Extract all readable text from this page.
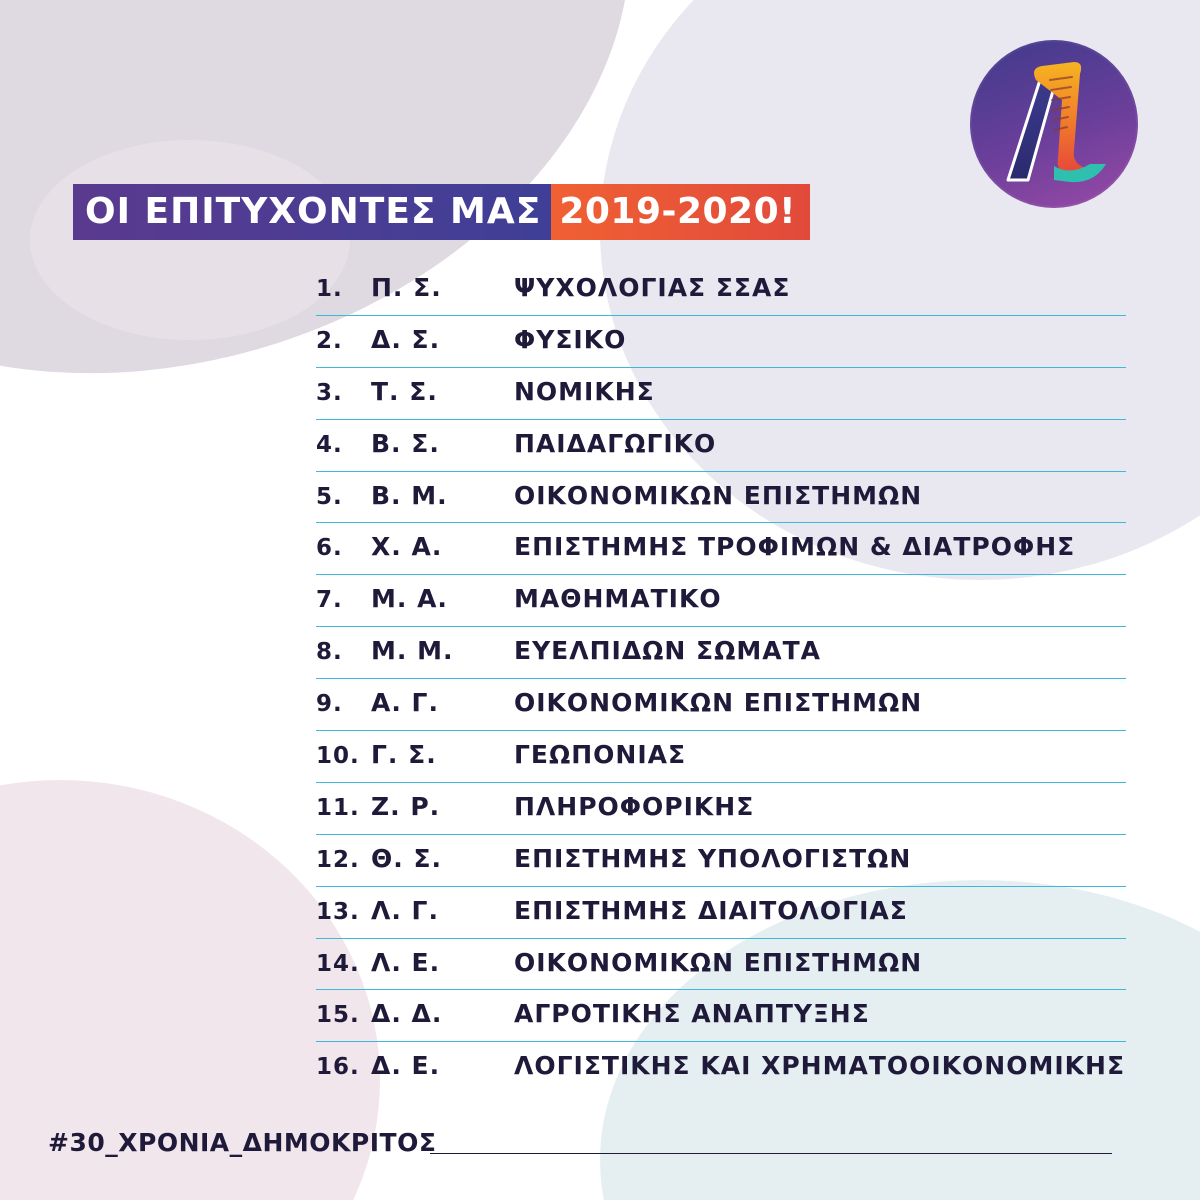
ΟΙ ΕΠΙΤΥΧΟΝΤΕΣ ΜΑΣ 2019-2020!
1. Π. Σ.	ΨΥΧΟΛΟΓΙΑΣ ΣΣΑΣ
2. Δ. Σ.	ΦΥΣΙΚΟ
3. Τ. Σ.	ΝΟΜΙΚΗΣ
4. Β. Σ.	ΠΑΙΔΑΓΩΓΙΚΟ
5. Β. Μ.	ΟΙΚΟΝΟΜΙΚΩΝ ΕΠΙΣΤΗΜΩΝ
6. Χ. Α.	ΕΠΙΣΤΗΜΗΣ ΤΡΟΦΙΜΩΝ & ΔΙΑΤΡΟΦΗΣ
7. Μ. Α.	ΜΑΘΗΜΑΤΙΚΟ
8. Μ. Μ. ΕΥΕΛΠΙΔΩΝ ΣΩΜΑΤΑ
9. Α. Γ.	ΟΙΚΟΝΟΜΙΚΩΝ ΕΠΙΣΤΗΜΩΝ
10. Γ. Σ.	ΓΕΩΠΟΝΙΑΣ
11. Ζ. Ρ.	ΠΛΗΡΟΦΟΡΙΚΗΣ
12. Θ. Σ.	ΕΠΙΣΤΗΜΗΣ ΥΠΟΛΟΓΙΣΤΩΝ
13. Λ. Γ.	ΕΠΙΣΤΗΜΗΣ ΔΙΑΙΤΟΛΟΓΙΑΣ
14. Λ. Ε.	ΟΙΚΟΝΟΜΙΚΩΝ ΕΠΙΣΤΗΜΩΝ
15. Δ. Δ.	ΑΓΡΟΤΙΚΗΣ ΑΝΑΠΤΥΞΗΣ
16. Δ. Ε.	ΛΟΓΙΣΤΙΚΗΣ ΚΑΙ ΧΡΗΜΑΤΟΟΙΚΟΝΟΜΙΚΗΣ
#30_ΧΡΟΝΙΑ_ΔΗΜΟΚΡΙΤΟΣ
